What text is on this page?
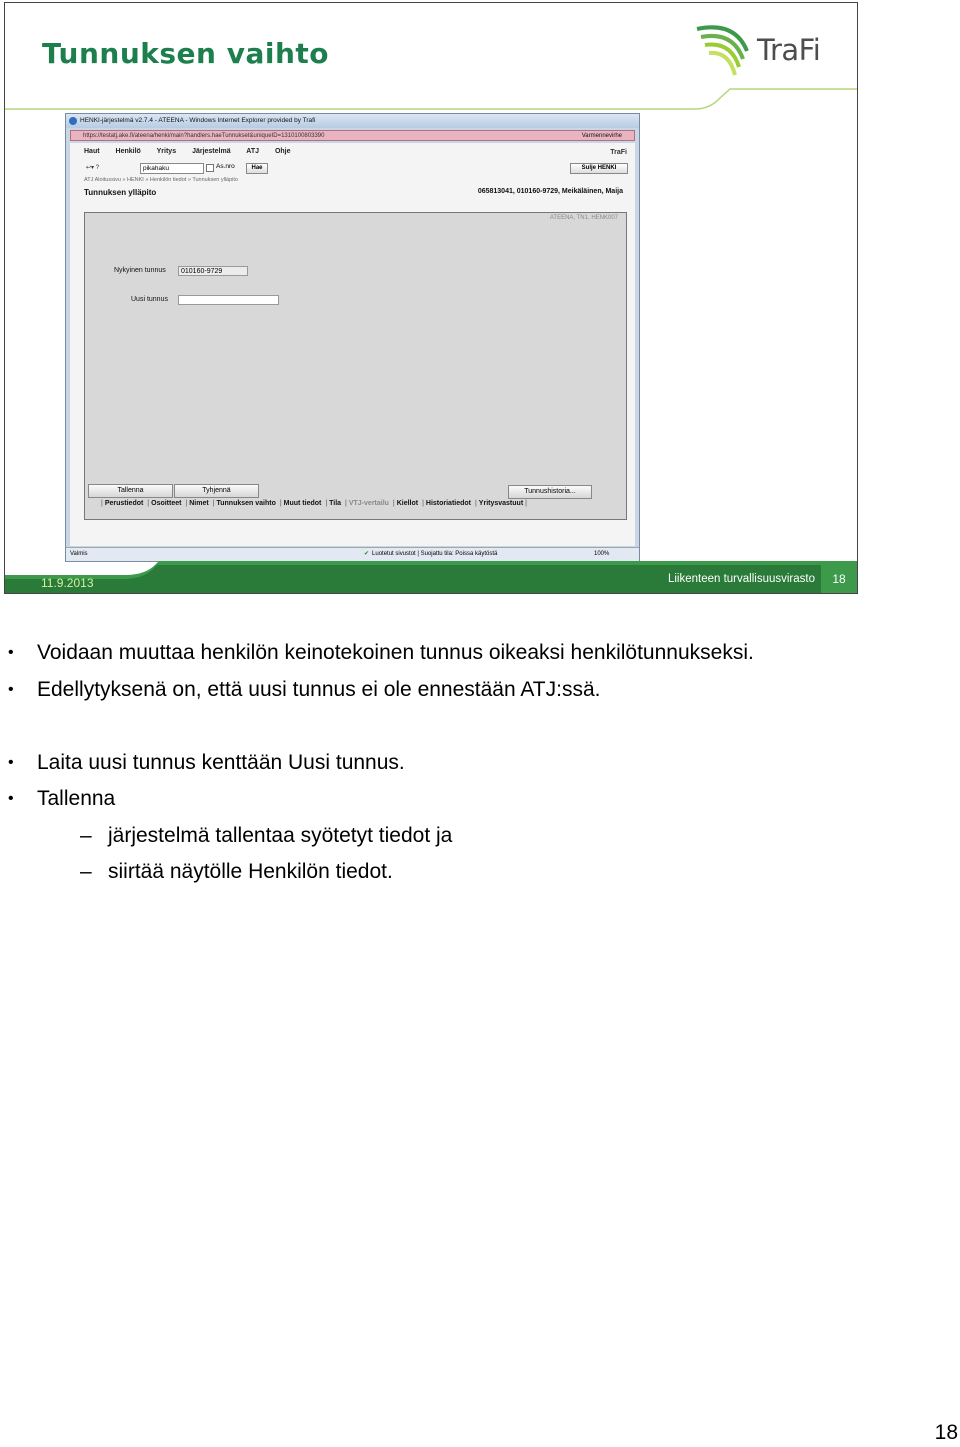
Tunnuksen vaihto	TraFi
HENKI-järjestelmä v2.7.4 - ATEENA - Windows Internet Explorer provided by Trafi
https://testatj.ake.fi/ateena/henki/main?handlers.haeTunnukset&uniqueID=1310100803390	Varmennevirhe
Haut Henkilö Yritys Järjestelmä ATJ Ohje	TraFi
↩▾ ?	pikahaku	As.nro	Hae	Sulje HENKI
ATJ Aloitussivu » HENKI » Henkilön tiedot » Tunnuksen ylläpito
Tunnuksen ylläpito	065813041, 010160-9729, Meikäläinen, Maija
ATEENA, TN1, HENK007
Nykyinen tunnus	010160-9729
Uusi tunnus
Tallenna	Tyhjennä	Tunnushistoria...
| Perustiedot | Osoitteet | Nimet | Tunnuksen vaihto | Muut tiedot | Tila | VTJ-vertailu | Kiellot | Historiatiedot | Yritysvastuut |
Valmis
✔	Luotetut sivustot | Suojattu tila: Poissa käytöstä	100%
11.9.2013	Liikenteen turvallisuusvirasto	18
Voidaan muuttaa henkilön keinotekoinen tunnus oikeaksi henkilötunnukseksi.
Edellytyksenä on, että uusi tunnus ei ole ennestään ATJ:ssä.
Laita uusi tunnus kenttään Uusi tunnus.
Tallenna
järjestelmä tallentaa syötetyt tiedot ja
siirtää näytölle Henkilön tiedot.
18
